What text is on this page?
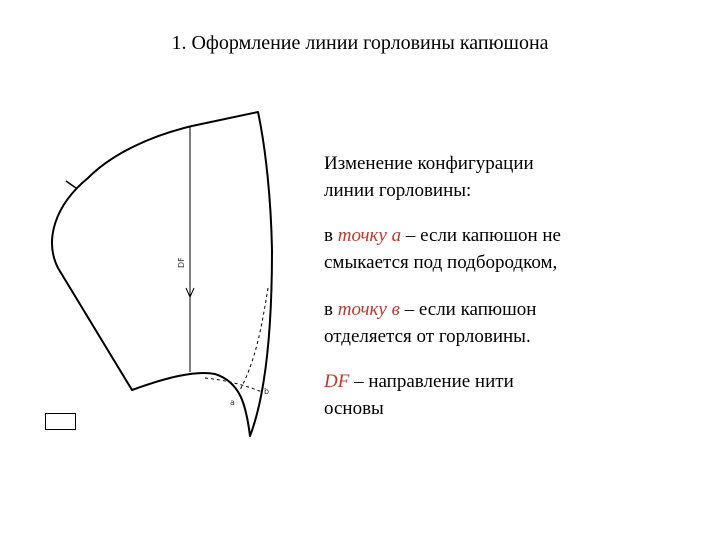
1. Оформление линии горловины капюшона
DF
a
b
Изменение конфигурации
линии горловины:
в точку а – если капюшон не
смыкается под подбородком,
в точку в – если капюшон
отделяется от горловины.
DF – направление нити
основы
